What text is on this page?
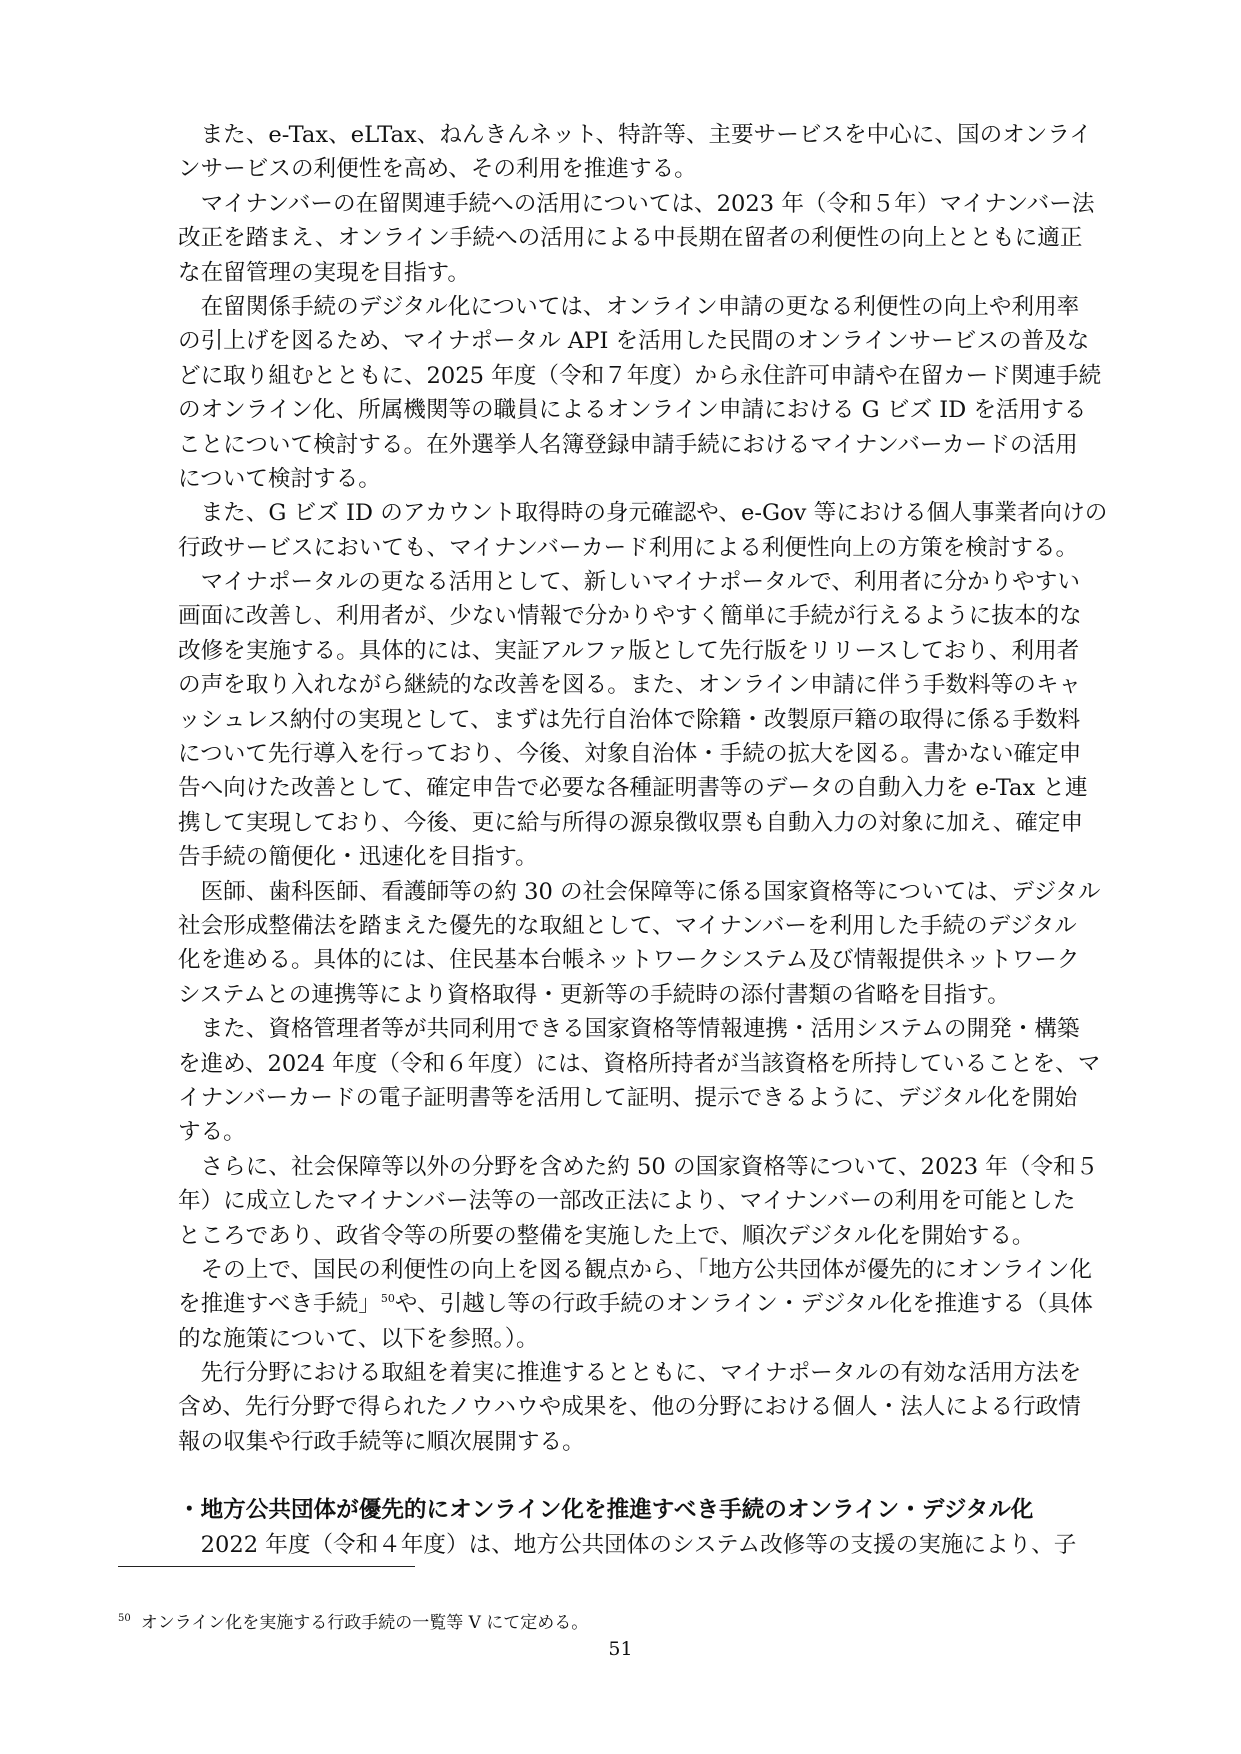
　また、e-Tax、eLTax、ねんきんネット、特許等、主要サービスを中心に、国のオンライ
ンサービスの利便性を高め、その利用を推進する。
　マイナンバーの在留関連手続への活用については、2023 年（令和５年）マイナンバー法
改正を踏まえ、オンライン手続への活用による中長期在留者の利便性の向上とともに適正
な在留管理の実現を目指す。
　在留関係手続のデジタル化については、オンライン申請の更なる利便性の向上や利用率
の引上げを図るため、マイナポータル API を活用した民間のオンラインサービスの普及な
どに取り組むとともに、2025 年度（令和７年度）から永住許可申請や在留カード関連手続
のオンライン化、所属機関等の職員によるオンライン申請における G ビズ ID を活用する
ことについて検討する。在外選挙人名簿登録申請手続におけるマイナンバーカードの活用
について検討する。
　また、G ビズ ID のアカウント取得時の身元確認や、e-Gov 等における個人事業者向けの
行政サービスにおいても、マイナンバーカード利用による利便性向上の方策を検討する。
　マイナポータルの更なる活用として、新しいマイナポータルで、利用者に分かりやすい
画面に改善し、利用者が、少ない情報で分かりやすく簡単に手続が行えるように抜本的な
改修を実施する。具体的には、実証アルファ版として先行版をリリースしており、利用者
の声を取り入れながら継続的な改善を図る。また、オンライン申請に伴う手数料等のキャ
ッシュレス納付の実現として、まずは先行自治体で除籍・改製原戸籍の取得に係る手数料
について先行導入を行っており、今後、対象自治体・手続の拡大を図る。書かない確定申
告へ向けた改善として、確定申告で必要な各種証明書等のデータの自動入力を e-Tax と連
携して実現しており、今後、更に給与所得の源泉徴収票も自動入力の対象に加え、確定申
告手続の簡便化・迅速化を目指す。
　医師、歯科医師、看護師等の約 30 の社会保障等に係る国家資格等については、デジタル
社会形成整備法を踏まえた優先的な取組として、マイナンバーを利用した手続のデジタル
化を進める。具体的には、住民基本台帳ネットワークシステム及び情報提供ネットワーク
システムとの連携等により資格取得・更新等の手続時の添付書類の省略を目指す。
　また、資格管理者等が共同利用できる国家資格等情報連携・活用システムの開発・構築
を進め、2024 年度（令和６年度）には、資格所持者が当該資格を所持していることを、マ
イナンバーカードの電子証明書等を活用して証明、提示できるように、デジタル化を開始
する。
　さらに、社会保障等以外の分野を含めた約 50 の国家資格等について、2023 年（令和５
年）に成立したマイナンバー法等の一部改正法により、マイナンバーの利用を可能とした
ところであり、政省令等の所要の整備を実施した上で、順次デジタル化を開始する。
　その上で、国民の利便性の向上を図る観点から、「地方公共団体が優先的にオンライン化
を推進すべき手続」$^{50}$や、引越し等の行政手続のオンライン・デジタル化を推進する（具体
的な施策について、以下を参照。）。
　先行分野における取組を着実に推進するとともに、マイナポータルの有効な活用方法を
含め、先行分野で得られたノウハウや成果を、他の分野における個人・法人による行政情
報の収集や行政手続等に順次展開する。
・地方公共団体が優先的にオンライン化を推進すべき手続のオンライン・デジタル化
　2022 年度（令和４年度）は、地方公共団体のシステム改修等の支援の実施により、子
$^{50}$ オンライン化を実施する行政手続の一覧等 V にて定める。
51
